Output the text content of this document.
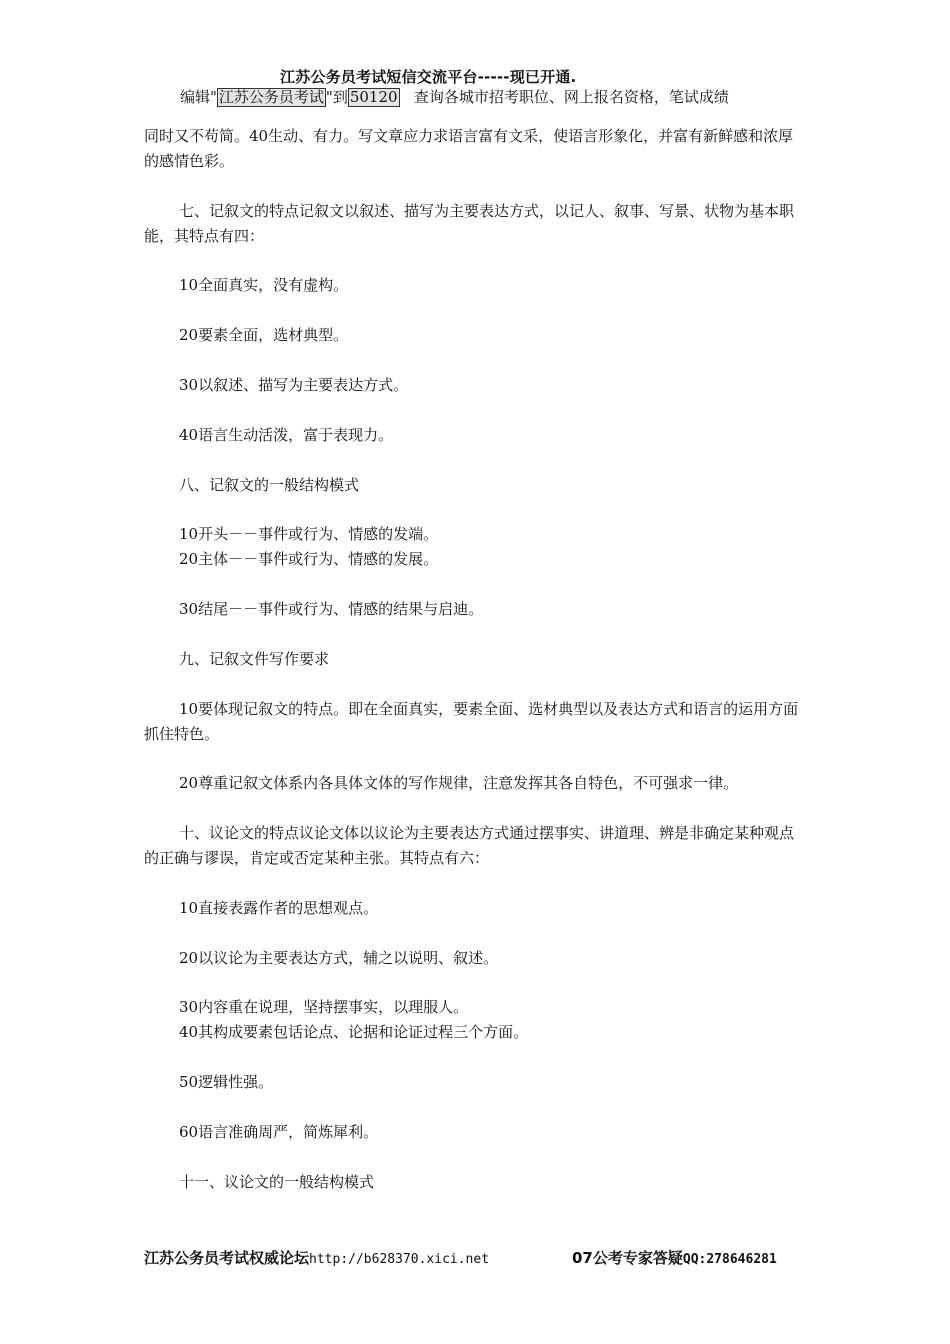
江苏公务员考试短信交流平台-----现已开通.
编辑" 江苏公务员考试 "到 50120 查询各城市招考职位、网上报名资格，笔试成绩

同时又不苟简。40生动、有力。写文章应力求语言富有文采，使语言形象化，并富有新鲜感和浓厚的感情色彩。

七、记叙文的特点记叙文以叙述、描写为主要表达方式，以记人、叙事、写景、状物为基本职能，其特点有四：

10全面真实，没有虚构。

20要素全面，选材典型。

30以叙述、描写为主要表达方式。

40语言生动活泼，富于表现力。

八、记叙文的一般结构模式

10开头－－事件或行为、情感的发端。

20主体－－事件或行为、情感的发展。

30结尾－－事件或行为、情感的结果与启迪。

九、记叙文件写作要求

10要体现记叙文的特点。即在全面真实，要素全面、选材典型以及表达方式和语言的运用方面抓住特色。

20尊重记叙文体系内各具体文体的写作规律，注意发挥其各自特色，不可强求一律。

十、议论文的特点议论文体以议论为主要表达方式通过摆事实、讲道理、辨是非确定某种观点的正确与谬误，肯定或否定某种主张。其特点有六：

10直接表露作者的思想观点。

20以议论为主要表达方式，辅之以说明、叙述。

30内容重在说理，坚持摆事实，以理服人。

40其构成要素包话论点、论据和论证过程三个方面。

50逻辑性强。

60语言准确周严，简炼犀利。

十一、议论文的一般结构模式

江苏公务员考试权威论坛http://b628370.xici.net	07公考专家答疑QQ:278646281
